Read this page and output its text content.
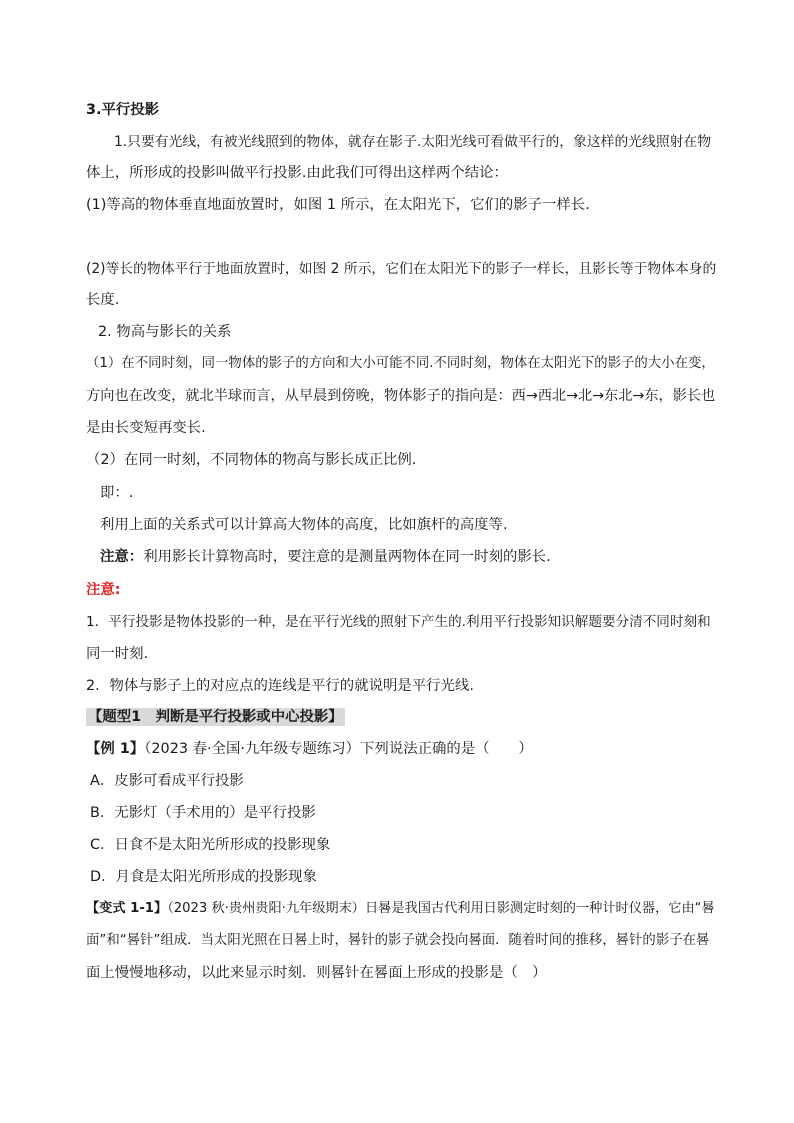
3.平行投影
1.只要有光线，有被光线照到的物体，就存在影子.太阳光线可看做平行的，象这样的光线照射在物
体上，所形成的投影叫做平行投影.由此我们可得出这样两个结论：
(1)等高的物体垂直地面放置时，如图 1 所示，在太阳光下，它们的影子一样长.
(2)等长的物体平行于地面放置时，如图 2 所示，它们在太阳光下的影子一样长，且影长等于物体本身的
长度.
2. 物高与影长的关系
（1）在不同时刻，同一物体的影子的方向和大小可能不同.不同时刻，物体在太阳光下的影子的大小在变，
方向也在改变，就北半球而言，从早晨到傍晚，物体影子的指向是：西→西北→北→东北→东，影长也
是由长变短再变长.
（2）在同一时刻，不同物体的物高与影长成正比例.
即：.
利用上面的关系式可以计算高大物体的高度，比如旗杆的高度等.
注意：利用影长计算物高时，要注意的是测量两物体在同一时刻的影长.
注意:
1．平行投影是物体投影的一种，是在平行光线的照射下产生的.利用平行投影知识解题要分清不同时刻和
同一时刻.
2．物体与影子上的对应点的连线是平行的就说明是平行光线.
【题型1　判断是平行投影或中心投影】
【例 1】（2023 春·全国·九年级专题练习）下列说法正确的是（　　）
A．皮影可看成平行投影
B．无影灯（手术用的）是平行投影
C．日食不是太阳光所形成的投影现象
D．月食是太阳光所形成的投影现象
【变式 1-1】（2023 秋·贵州贵阳·九年级期末）日晷是我国古代利用日影测定时刻的一种计时仪器，它由“晷
面”和“晷针”组成．当太阳光照在日晷上时，晷针的影子就会投向晷面．随着时间的推移，晷针的影子在晷
面上慢慢地移动，以此来显示时刻．则晷针在晷面上形成的投影是（　）
